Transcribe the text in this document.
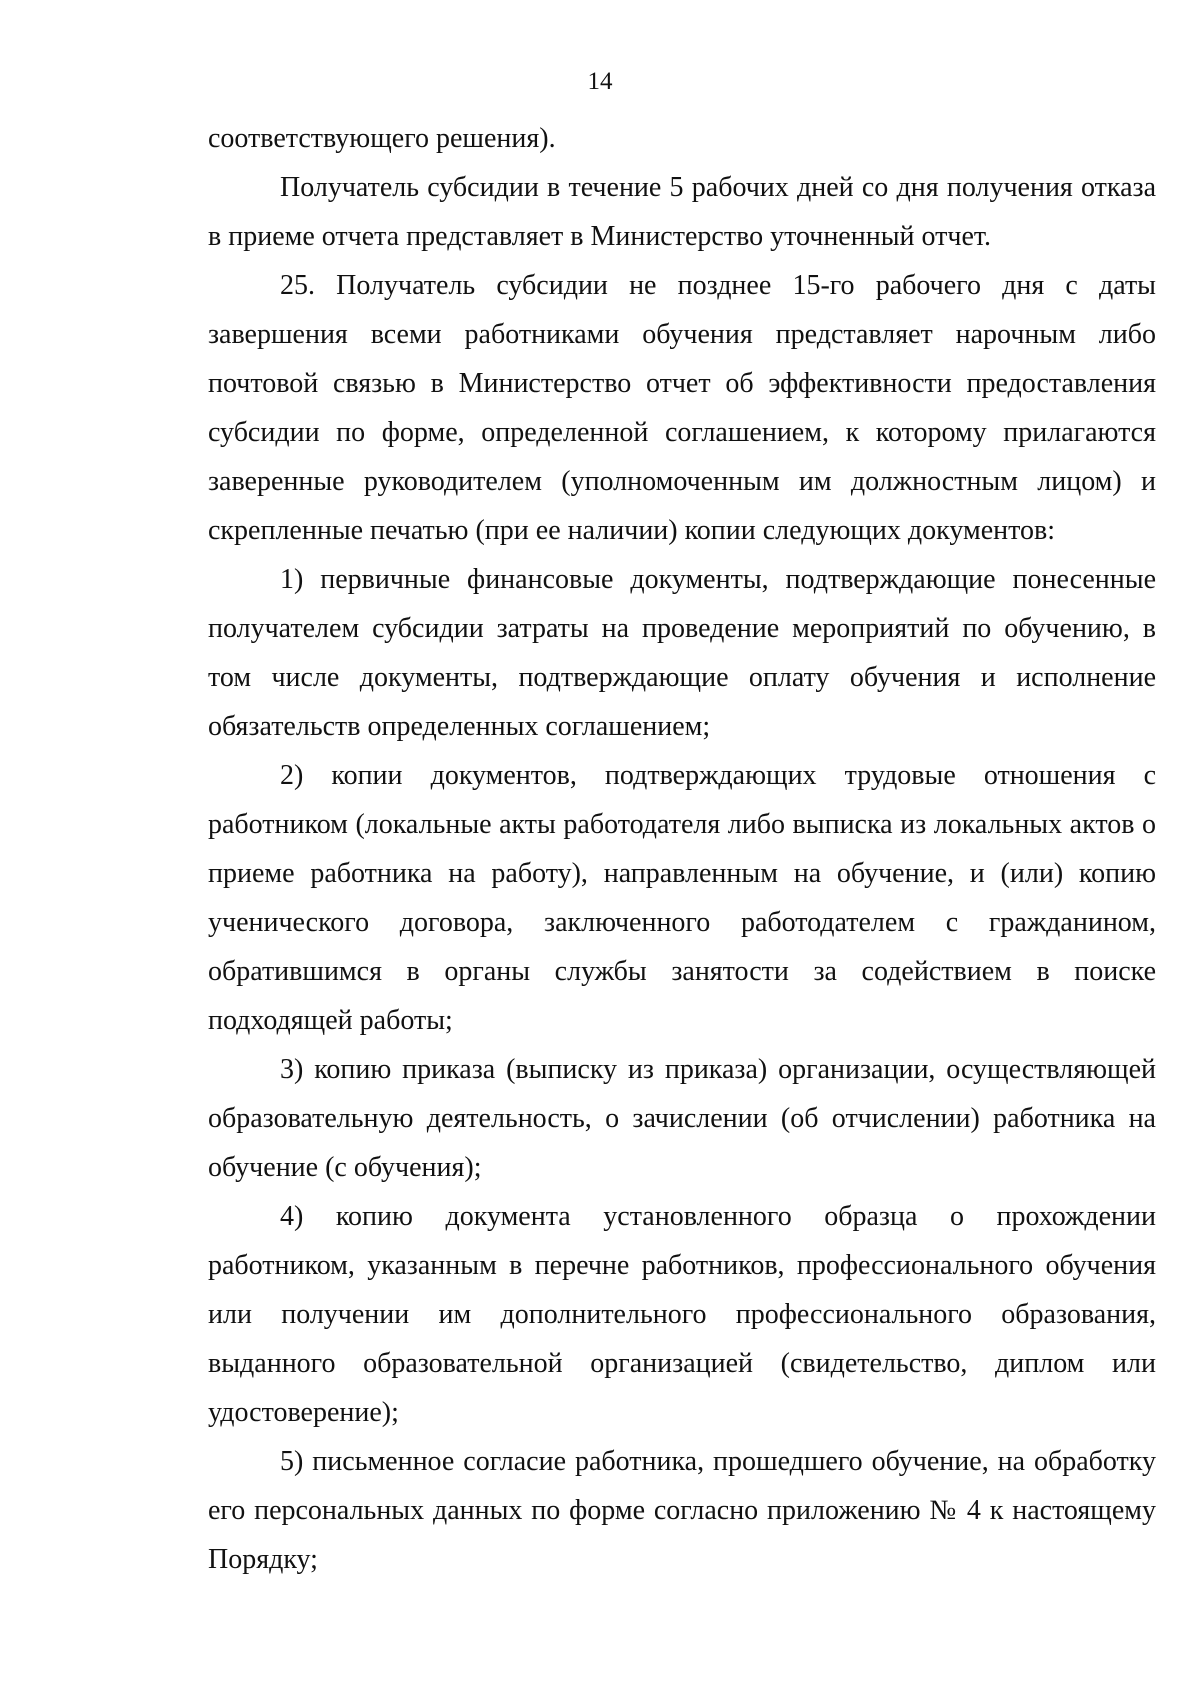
14

соответствующего решения).

Получатель субсидии в течение 5 рабочих дней со дня получения отказа в приеме отчета представляет в Министерство уточненный отчет.

25. Получатель субсидии не позднее 15-го рабочего дня с даты завершения всеми работниками обучения представляет нарочным либо почтовой связью в Министерство отчет об эффективности предоставления субсидии по форме, определенной соглашением, к которому прилагаются заверенные руководителем (уполномоченным им должностным лицом) и скрепленные печатью (при ее наличии) копии следующих документов:

1) первичные финансовые документы, подтверждающие понесенные получателем субсидии затраты на проведение мероприятий по обучению, в том числе документы, подтверждающие оплату обучения и исполнение обязательств определенных соглашением;

2) копии документов, подтверждающих трудовые отношения с работником (локальные акты работодателя либо выписка из локальных актов о приеме работника на работу), направленным на обучение, и (или) копию ученического договора, заключенного работодателем с гражданином, обратившимся в органы службы занятости за содействием в поиске подходящей работы;

3) копию приказа (выписку из приказа) организации, осуществляющей образовательную деятельность, о зачислении (об отчислении) работника на обучение (с обучения);

4) копию документа установленного образца о прохождении работником, указанным в перечне работников, профессионального обучения или получении им дополнительного профессионального образования, выданного образовательной организацией (свидетельство, диплом или удостоверение);

5) письменное согласие работника, прошедшего обучение, на обработку его персональных данных по форме согласно приложению № 4 к настоящему Порядку;
